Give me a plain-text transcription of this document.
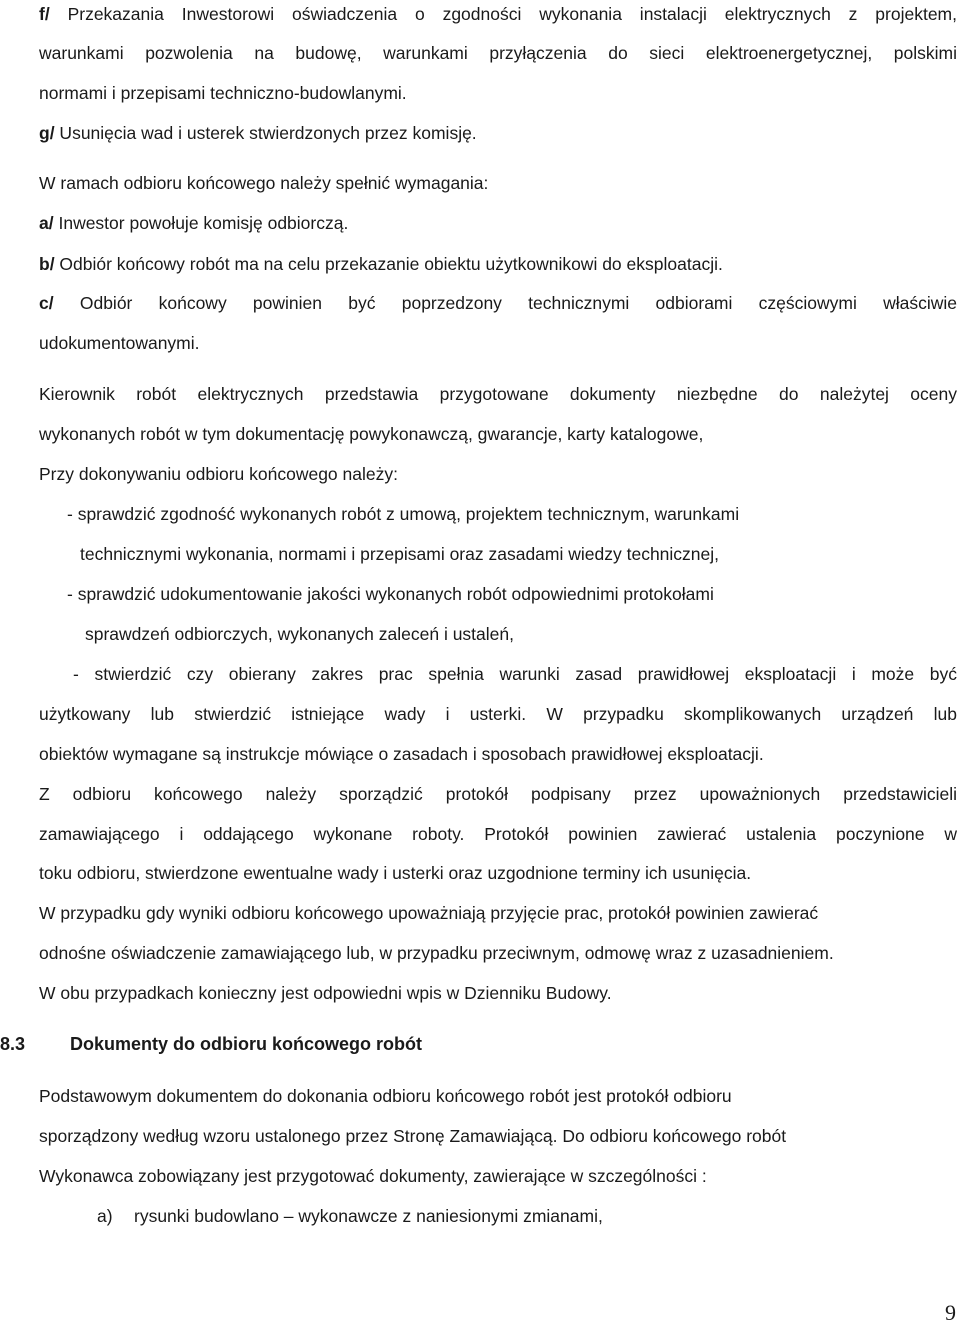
f/ Przekazania Inwestorowi oświadczenia o zgodności wykonania instalacji elektrycznych z projektem,

warunkami pozwolenia na budowę, warunkami przyłączenia do sieci elektroenergetycznej, polskimi

normami i przepisami techniczno-budowlanymi.

g/ Usunięcia wad i usterek stwierdzonych przez komisję.

W ramach odbioru końcowego należy spełnić wymagania:

a/ Inwestor powołuje komisję odbiorczą.

b/ Odbiór końcowy robót ma na celu przekazanie obiektu użytkownikowi do eksploatacji.

c/ Odbiór końcowy powinien być poprzedzony technicznymi odbiorami częściowymi właściwie

udokumentowanymi.

Kierownik robót elektrycznych przedstawia przygotowane dokumenty niezbędne do należytej oceny

wykonanych robót w tym dokumentację powykonawczą, gwarancje, karty katalogowe,

Przy dokonywaniu odbioru końcowego należy:

- sprawdzić zgodność wykonanych robót z umową, projektem technicznym, warunkami

technicznymi wykonania, normami i przepisami oraz zasadami wiedzy technicznej,

- sprawdzić udokumentowanie jakości wykonanych robót odpowiednimi protokołami

sprawdzeń odbiorczych, wykonanych zaleceń i ustaleń,

- stwierdzić czy obierany zakres prac spełnia warunki zasad prawidłowej eksploatacji i może być

użytkowany lub stwierdzić istniejące wady i usterki. W przypadku skomplikowanych urządzeń lub

obiektów wymagane są instrukcje mówiące o zasadach i sposobach prawidłowej eksploatacji.

Z odbioru końcowego należy sporządzić protokół podpisany przez upoważnionych przedstawicieli

zamawiającego i oddającego wykonane roboty. Protokół powinien zawierać ustalenia poczynione w

toku odbioru, stwierdzone ewentualne wady i usterki oraz uzgodnione terminy ich usunięcia.

W przypadku gdy wyniki odbioru końcowego upoważniają przyjęcie prac, protokół powinien zawierać

odnośne oświadczenie zamawiającego lub, w przypadku przeciwnym, odmowę wraz z uzasadnieniem.

W obu przypadkach konieczny jest odpowiedni wpis w Dzienniku Budowy.

8.3 Dokumenty do odbioru końcowego robót

Podstawowym dokumentem do dokonania odbioru końcowego robót jest protokół odbioru

sporządzony według wzoru ustalonego przez Stronę Zamawiającą. Do odbioru końcowego robót

Wykonawca zobowiązany jest przygotować dokumenty, zawierające w szczególności :

a) rysunki budowlano – wykonawcze z naniesionymi zmianami,

9
